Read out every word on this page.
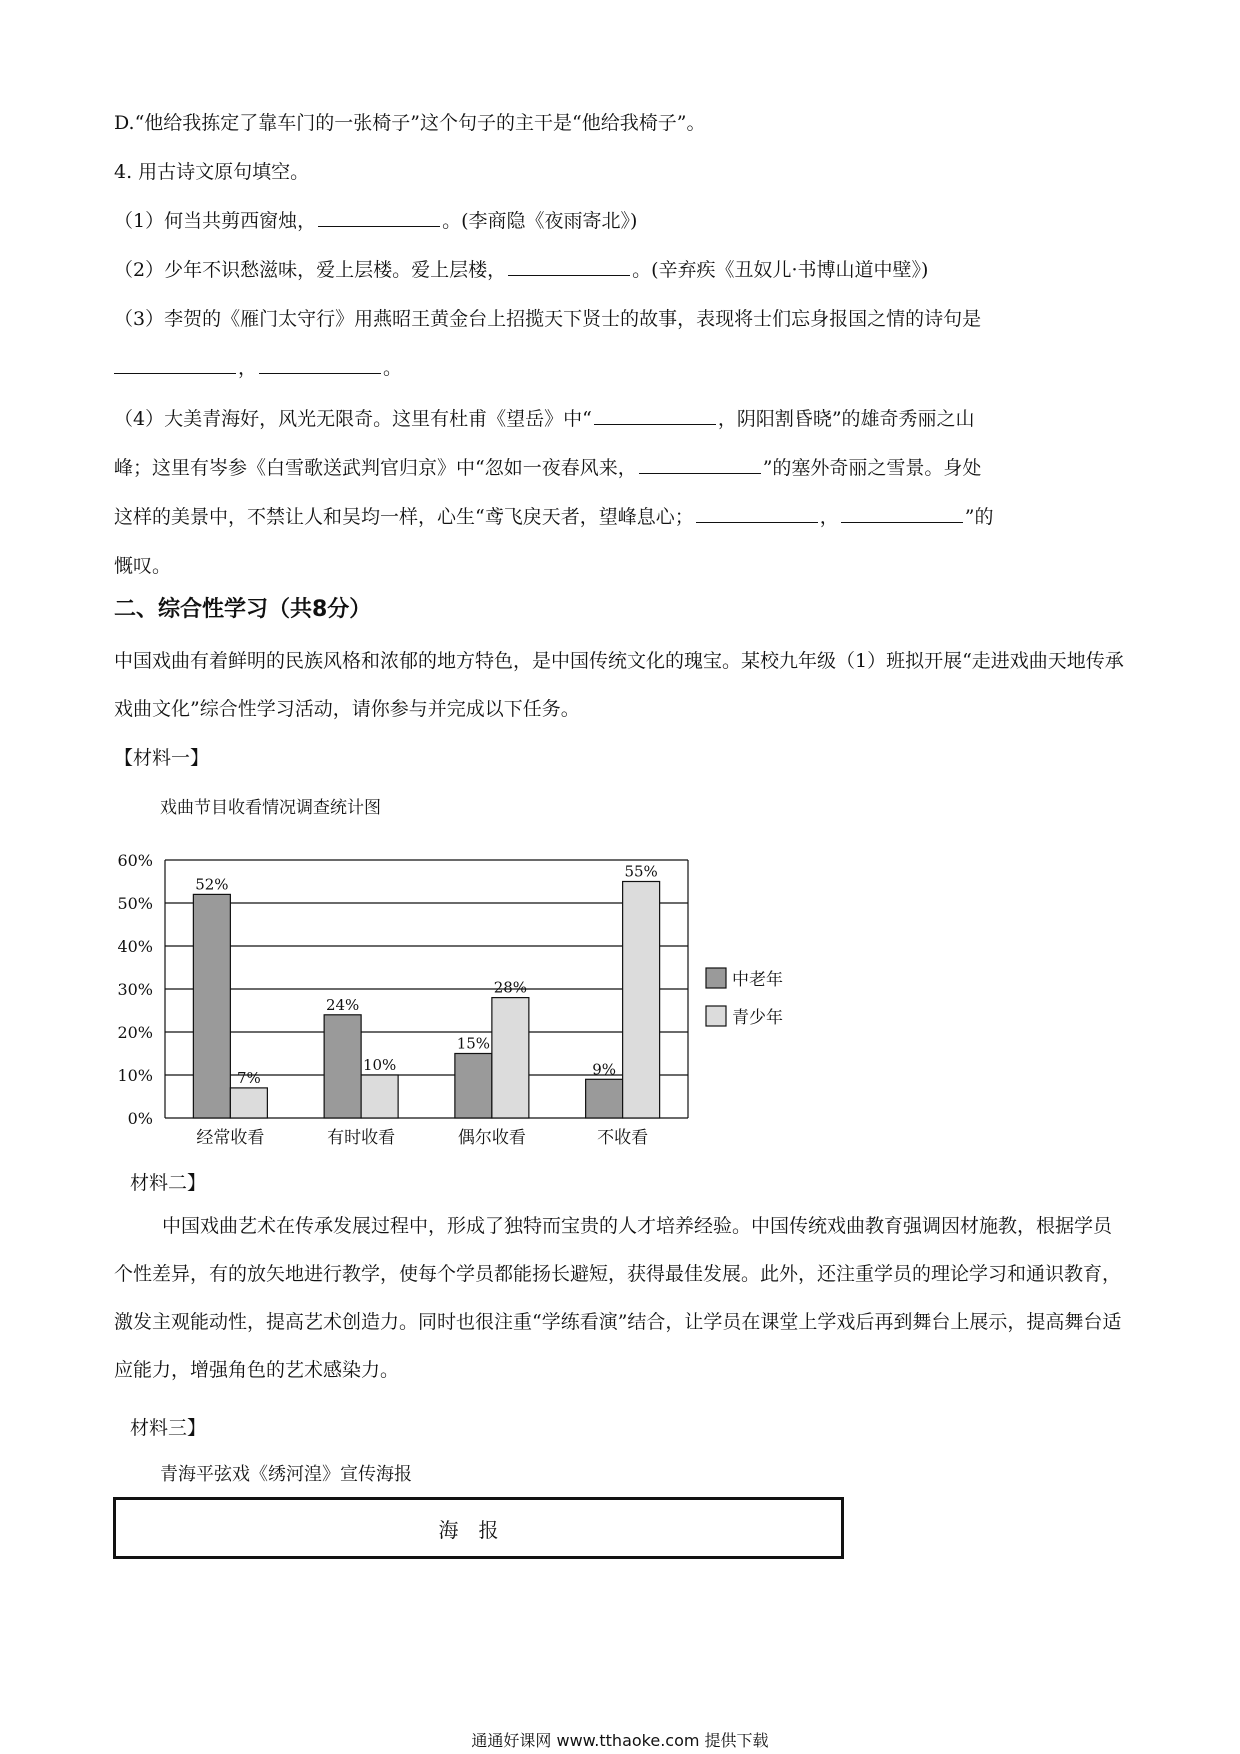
D.“他给我拣定了靠车门的一张椅子”这个句子的主干是“他给我椅子”。
4. 用古诗文原句填空。
（1）何当共剪西窗烛，	。(李商隐《夜雨寄北》)
（2）少年不识愁滋味，爱上层楼。爱上层楼，	。(辛弃疾《丑奴儿·书博山道中壁》)
（3）李贺的《雁门太守行》用燕昭王黄金台上招揽天下贤士的故事，表现将士们忘身报国之情的诗句是
，	。
（4）大美青海好，风光无限奇。这里有杜甫《望岳》中“	，阴阳割昏晓”的雄奇秀丽之山
峰；这里有岑参《白雪歌送武判官归京》中“忽如一夜春风来，	”的塞外奇丽之雪景。身处
这样的美景中，不禁让人和吴均一样，心生“鸢飞戾天者，望峰息心；	，	”的
慨叹。
二、综合性学习（共8分）
中国戏曲有着鲜明的民族风格和浓郁的地方特色，是中国传统文化的瑰宝。某校九年级（1）班拟开展“走进戏曲天地传承戏曲文化”综合性学习活动，请你参与并完成以下任务。
【材料一】
戏曲节目收看情况调查统计图
0%
10%
20%
30%
40%
50%
60%
52%
7%
经常收看
24%
10%
有时收看
15%
28%
偶尔收看
9%
55%
不收看
中老年
青少年
材料二】
中国戏曲艺术在传承发展过程中，形成了独特而宝贵的人才培养经验。中国传统戏曲教育强调因材施教，根据学员个性差异，有的放矢地进行教学，使每个学员都能扬长避短，获得最佳发展。此外，还注重学员的理论学习和通识教育，激发主观能动性，提高艺术创造力。同时也很注重“学练看演”结合，让学员在课堂上学戏后再到舞台上展示，提高舞台适应能力，增强角色的艺术感染力。
材料三】
青海平弦戏《绣河湟》宣传海报
海报
通通好课网 www.tthaoke.com 提供下载
